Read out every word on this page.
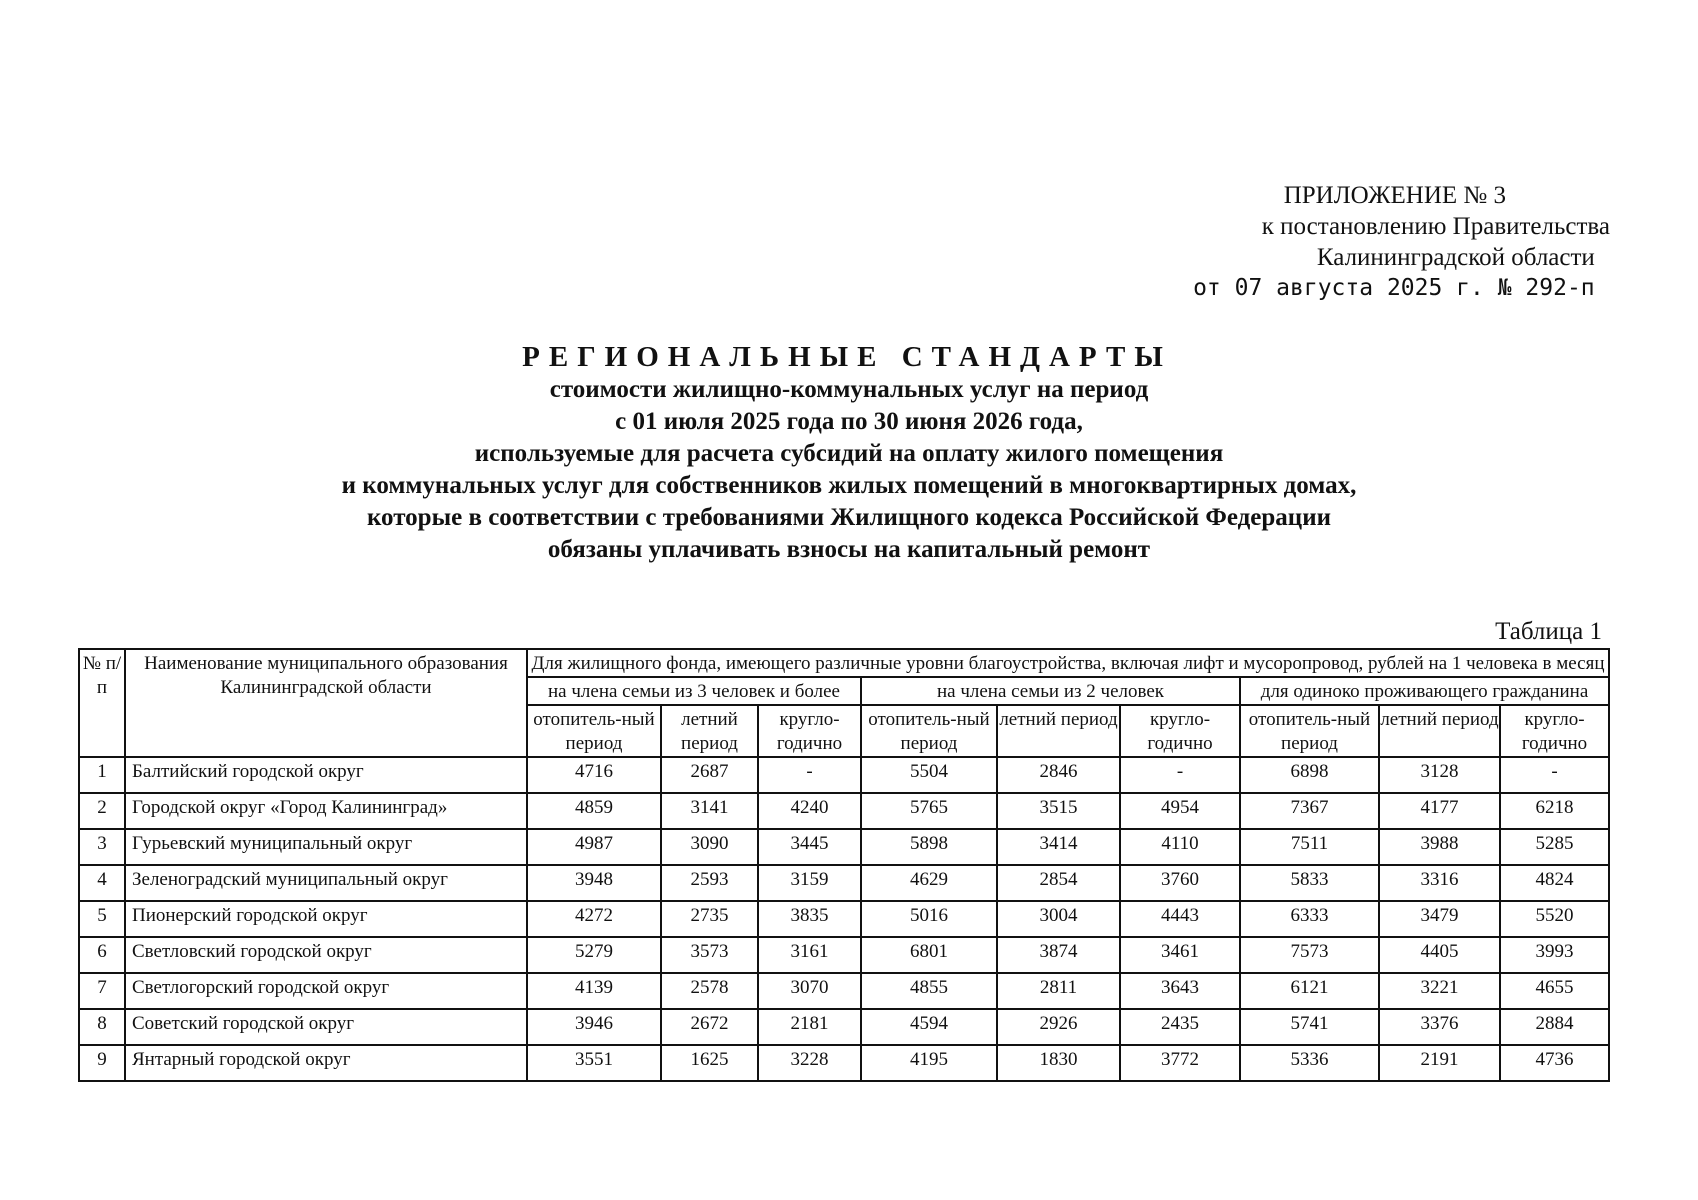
ПРИЛОЖЕНИЕ № 3
к постановлению Правительства
Калининградской области
от 07 августа 2025 г. № 292-п
РЕГИОНАЛЬНЫЕ СТАНДАРТЫ
стоимости жилищно-коммунальных услуг на период
с 01 июля 2025 года по 30 июня 2026 года,
используемые для расчета субсидий на оплату жилого помещения
и коммунальных услуг для собственников жилых помещений в многоквартирных домах,
которые в соответствии с требованиями Жилищного кодекса Российской Федерации
обязаны уплачивать взносы на капитальный ремонт
Таблица 1
№ п/п	Наименование муниципального образования Калининградской области	Для жилищного фонда, имеющего различные уровни благоустройства, включая лифт и мусоропровод, рублей на 1 человека в месяц								
		на члена семьи из 3 человек и более			на члена семьи из 2 человек			для одиноко проживающего гражданина		
		отопитель-ный период	летний период	кругло-годично	отопитель-ный период	летний период	кругло-годично	отопитель-ный период	летний период	кругло-годично
1	Балтийский городской округ	4716	2687	-	5504	2846	-	6898	3128	-
2	Городской округ «Город Калининград»	4859	3141	4240	5765	3515	4954	7367	4177	6218
3	Гурьевский муниципальный округ	4987	3090	3445	5898	3414	4110	7511	3988	5285
4	Зеленоградский муниципальный округ	3948	2593	3159	4629	2854	3760	5833	3316	4824
5	Пионерский городской округ	4272	2735	3835	5016	3004	4443	6333	3479	5520
6	Светловский городской округ	5279	3573	3161	6801	3874	3461	7573	4405	3993
7	Светлогорский городской округ	4139	2578	3070	4855	2811	3643	6121	3221	4655
8	Советский городской округ	3946	2672	2181	4594	2926	2435	5741	3376	2884
9	Янтарный городской округ	3551	1625	3228	4195	1830	3772	5336	2191	4736
